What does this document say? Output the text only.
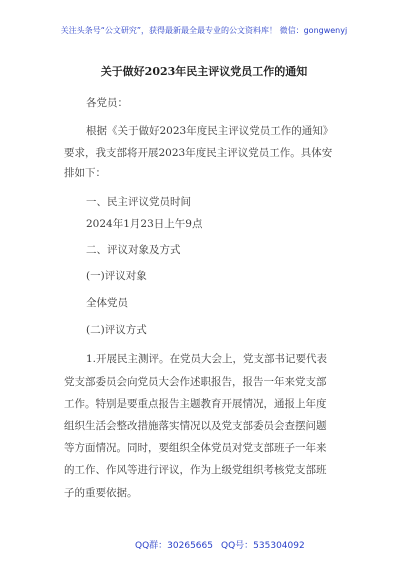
关注头条号“公文研究”，获得最新最全最专业的公文资料库！ 微信：gongwenyj
关于做好2023年民主评议党员工作的通知
各党员：
根据《关于做好2023年度民主评议党员工作的通知》
要求，我支部将开展2023年度民主评议党员工作。具体安
排如下：
一、民主评议党员时间
2024年1月23日上午9点
二、评议对象及方式
(一)评议对象
全体党员
(二)评议方式
1.开展民主测评。在党员大会上，党支部书记要代表
党支部委员会向党员大会作述职报告，报告一年来党支部
工作。特别是要重点报告主题教育开展情况，通报上年度
组织生活会整改措施落实情况以及党支部委员会查摆问题
等方面情况。同时，要组织全体党员对党支部班子一年来
的工作、作风等进行评议，作为上级党组织考核党支部班
子的重要依据。
QQ群：30265665 QQ号：535304092
